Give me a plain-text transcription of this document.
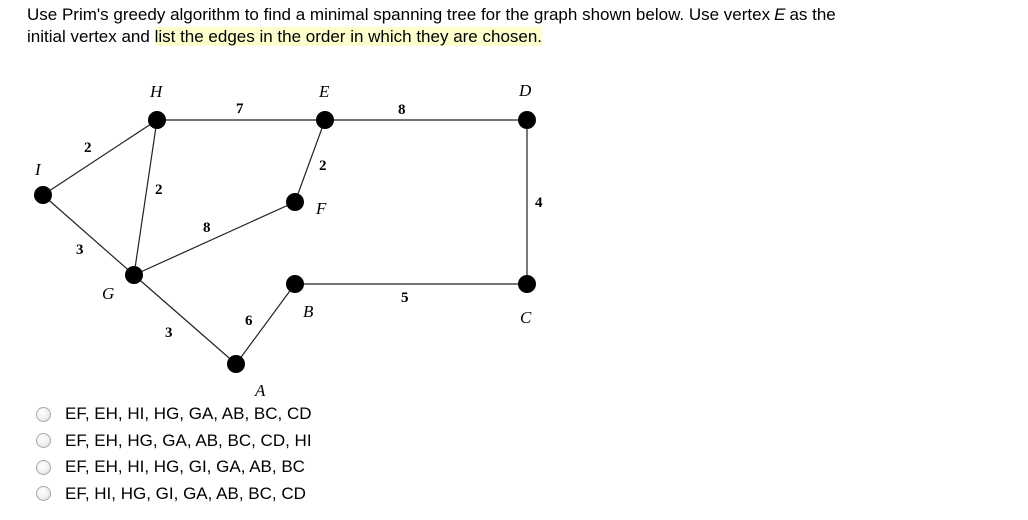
Use Prim's greedy algorithm to find a minimal spanning tree for the graph shown below. Use vertex E as the
initial vertex and list the edges in the order in which they are chosen.
7	8
2
2
2
4
8
3
5
6
3
H	E	D
I
F
G
B	C
A
EF, EH, HI, HG, GA, AB, BC, CD
EF, EH, HG, GA, AB, BC, CD, HI
EF, EH, HI, HG, GI, GA, AB, BC
EF, HI, HG, GI, GA, AB, BC, CD
